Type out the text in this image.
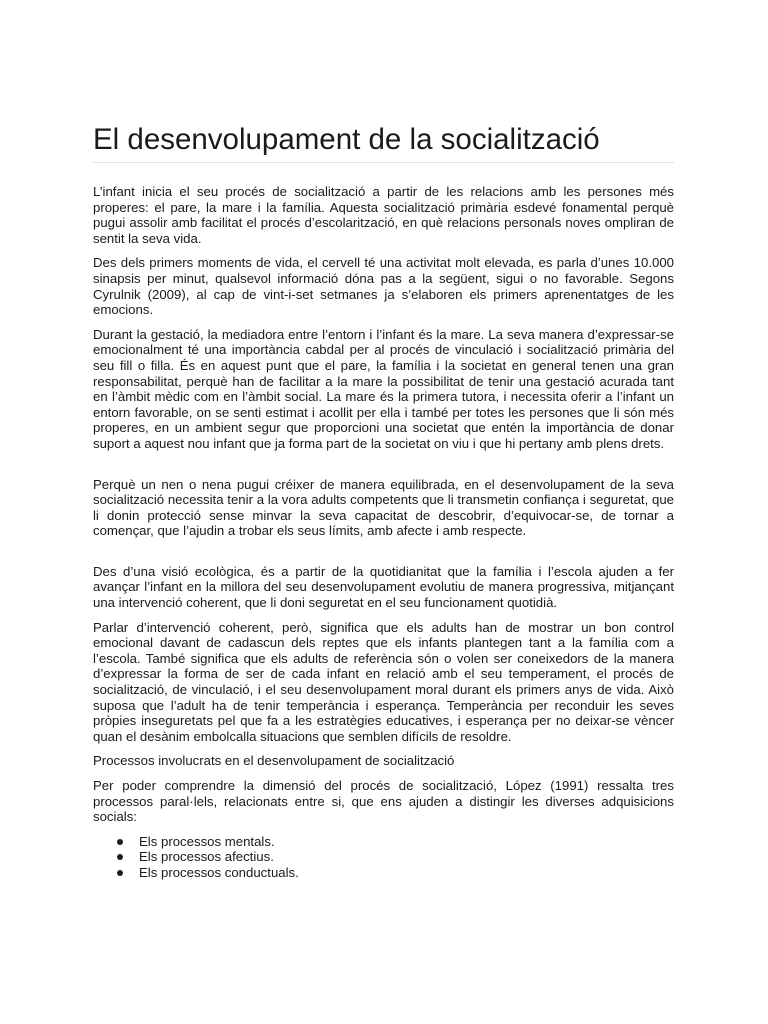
El desenvolupament de la socialització

L’infant inicia el seu procés de socialització a partir de les relacions amb les persones més properes: el pare, la mare i la família. Aquesta socialització primària esdevé fonamental perquè pugui assolir amb facilitat el procés d’escolarització, en què relacions personals noves ompliran de sentit la seva vida.

Des dels primers moments de vida, el cervell té una activitat molt elevada, es parla d’unes 10.000 sinapsis per minut, qualsevol informació dóna pas a la següent, sigui o no favorable. Segons Cyrulnik (2009), al cap de vint-i-set setmanes ja s’elaboren els primers aprenentatges de les emocions.

Durant la gestació, la mediadora entre l’entorn i l’infant és la mare. La seva manera d’expressar-se emocionalment té una importància cabdal per al procés de vinculació i socialització primària del seu fill o filla. És en aquest punt que el pare, la família i la societat en general tenen una gran responsabilitat, perquè han de facilitar a la mare la possibilitat de tenir una gestació acurada tant en l’àmbit mèdic com en l’àmbit social. La mare és la primera tutora, i necessita oferir a l’infant un entorn favorable, on se senti estimat i acollit per ella i també per totes les persones que li són més properes, en un ambient segur que proporcioni una societat que entén la importància de donar suport a aquest nou infant que ja forma part de la societat on viu i que hi pertany amb plens drets.

Perquè un nen o nena pugui créixer de manera equilibrada, en el desenvolupament de la seva socialització necessita tenir a la vora adults competents que li transmetin confiança i seguretat, que li donin protecció sense minvar la seva capacitat de descobrir, d’equivocar-se, de tornar a començar, que l’ajudin a trobar els seus límits, amb afecte i amb respecte.

Des d’una visió ecològica, és a partir de la quotidianitat que la família i l’escola ajuden a fer avançar l’infant en la millora del seu desenvolupament evolutiu de manera progressiva, mitjançant una intervenció coherent, que li doni seguretat en el seu funcionament quotidià.

Parlar d’intervenció coherent, però, significa que els adults han de mostrar un bon control emocional davant de cadascun dels reptes que els infants plantegen tant a la família com a l’escola. També significa que els adults de referència són o volen ser coneixedors de la manera d’expressar la forma de ser de cada infant en relació amb el seu temperament, el procés de socialització, de vinculació, i el seu desenvolupament moral durant els primers anys de vida. Això suposa que l’adult ha de tenir temperància i esperança. Temperància per reconduir les seves pròpies inseguretats pel que fa a les estratègies educatives, i esperança per no deixar-se vèncer quan el desànim embolcalla situacions que semblen difícils de resoldre.

Processos involucrats en el desenvolupament de socialització

Per poder comprendre la dimensió del procés de socialització, López (1991) ressalta tres processos paral·lels, relacionats entre si, que ens ajuden a distingir les diverses adquisicions socials:

Els processos mentals.
Els processos afectius.
Els processos conductuals.
